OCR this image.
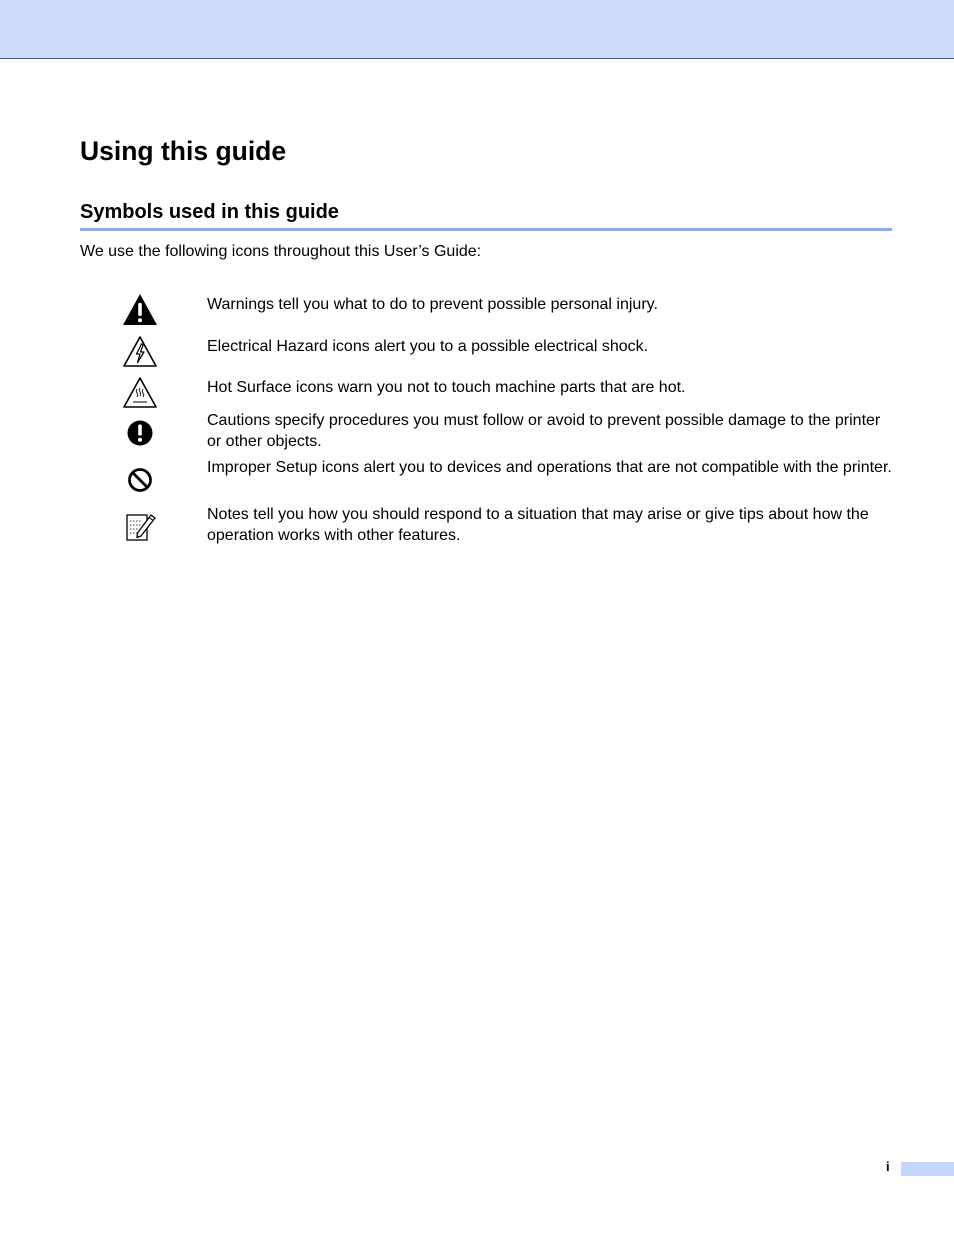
Using this guide
Symbols used in this guide
We use the following icons throughout this User’s Guide:
Warnings tell you what to do to prevent possible personal injury.
Electrical Hazard icons alert you to a possible electrical shock.
Hot Surface icons warn you not to touch machine parts that are hot.
Cautions specify procedures you must follow or avoid to prevent possible damage to the printer or other objects.
Improper Setup icons alert you to devices and operations that are not compatible with the printer.
Notes tell you how you should respond to a situation that may arise or give tips about how the operation works with other features.
i
